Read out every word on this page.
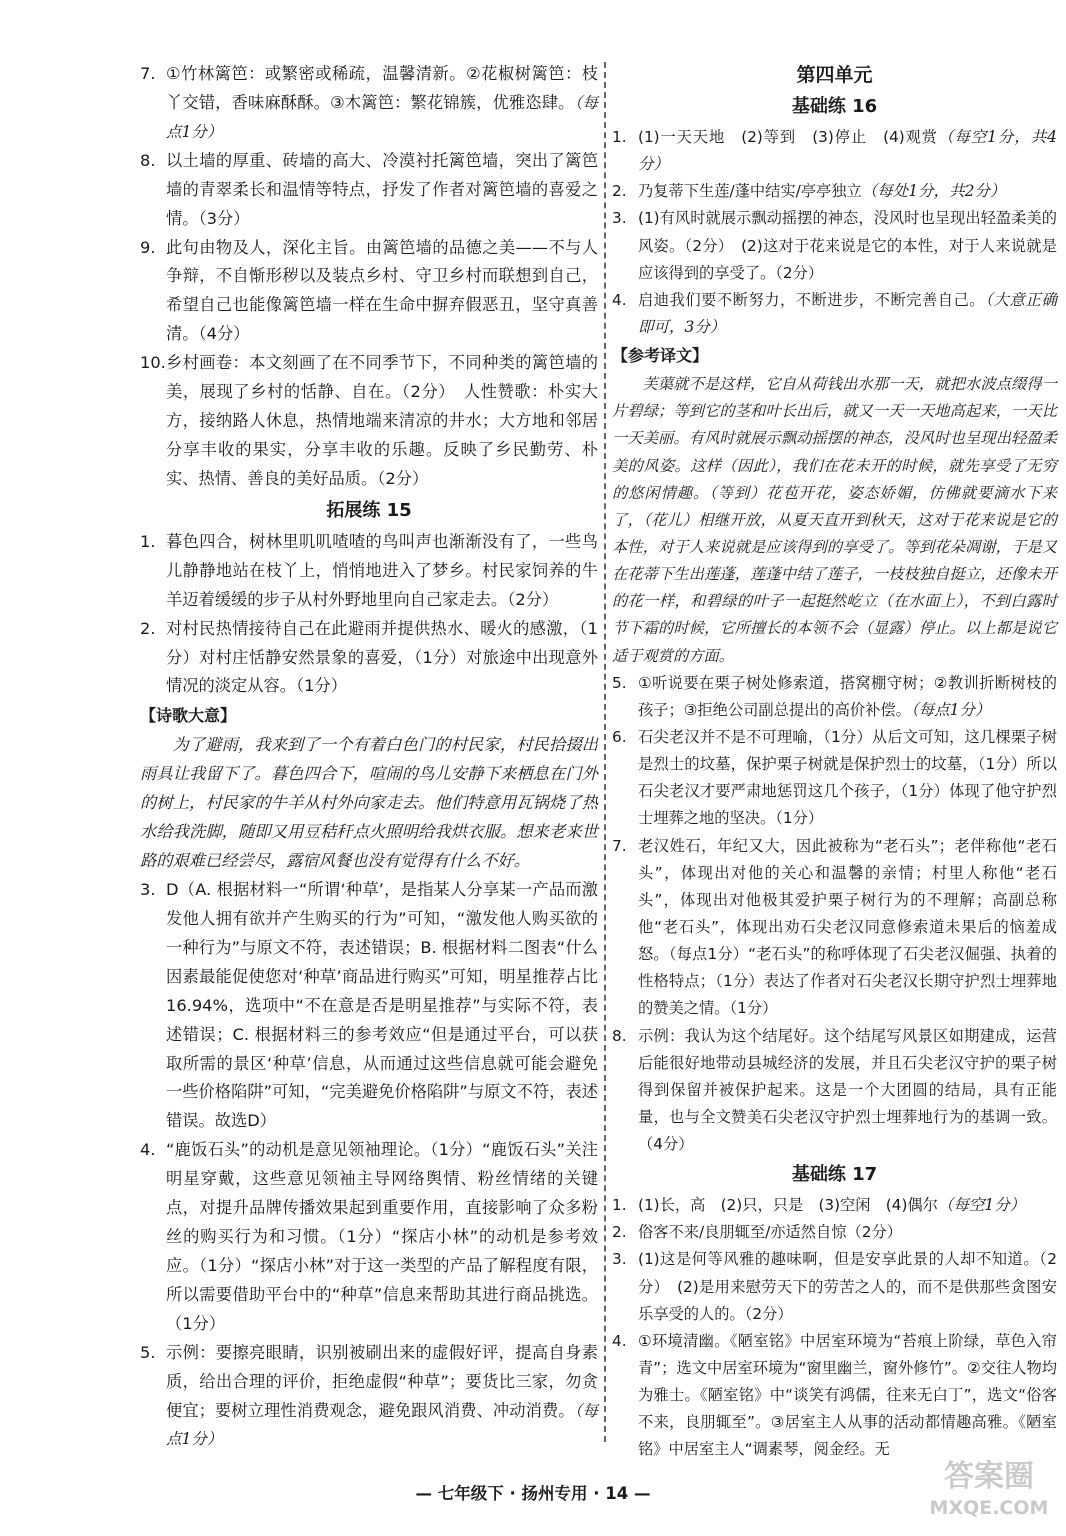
7. ①竹林篱笆：或繁密或稀疏，温馨清新。②花椒树篱笆：枝丫交错，香味麻酥酥。③木篱笆：繁花锦簇，优雅恣肆。（每点1分）
8. 以土墙的厚重、砖墙的高大、冷漠衬托篱笆墙，突出了篱笆墙的青翠柔长和温情等特点，抒发了作者对篱笆墙的喜爱之情。（3分）
9. 此句由物及人，深化主旨。由篱笆墙的品德之美——不与人争辩，不自惭形秽以及装点乡村、守卫乡村而联想到自己，希望自己也能像篱笆墙一样在生命中摒弃假恶丑，坚守真善清。（4分）
10. 乡村画卷：本文刻画了在不同季节下，不同种类的篱笆墙的美，展现了乡村的恬静、自在。（2分）　人性赞歌：朴实大方，接纳路人休息，热情地端来清凉的井水；大方地和邻居分享丰收的果实，分享丰收的乐趣。反映了乡民勤劳、朴实、热情、善良的美好品质。（2分）
拓展练 15
1. 暮色四合，树林里叽叽喳喳的鸟叫声也渐渐没有了，一些鸟儿静静地站在枝丫上，悄悄地进入了梦乡。村民家饲养的牛羊迈着缓缓的步子从村外野地里向自己家走去。（2分）
2. 对村民热情接待自己在此避雨并提供热水、暖火的感激，（1分）对村庄恬静安然景象的喜爱，（1分）对旅途中出现意外情况的淡定从容。（1分）
【诗歌大意】
为了避雨，我来到了一个有着白色门的村民家，村民拾掇出雨具让我留下了。暮色四合下，喧闹的鸟儿安静下来栖息在门外的树上，村民家的牛羊从村外向家走去。他们特意用瓦锅烧了热水给我洗脚，随即又用豆秸秆点火照明给我烘衣服。想来老来世路的艰难已经尝尽，露宿风餐也没有觉得有什么不好。
3. D（A. 根据材料一“所谓‘种草’，是指某人分享某一产品而激发他人拥有欲并产生购买的行为”可知，“激发他人购买欲的一种行为”与原文不符，表述错误；B. 根据材料二图表“什么因素最能促使您对‘种草’商品进行购买”可知，明星推荐占比16.94%，选项中“不在意是否是明星推荐”与实际不符，表述错误；C. 根据材料三的参考效应“但是通过平台，可以获取所需的景区‘种草’信息，从而通过这些信息就可能会避免一些价格陷阱”可知，“完美避免价格陷阱”与原文不符，表述错误。故选D）
4. “鹿饭石头”的动机是意见领袖理论。（1分）“鹿饭石头”关注明星穿戴，这些意见领袖主导网络舆情、粉丝情绪的关键点，对提升品牌传播效果起到重要作用，直接影响了众多粉丝的购买行为和习惯。（1分）“探店小林”的动机是参考效应。（1分）“探店小林”对于这一类型的产品了解程度有限，所以需要借助平台中的“种草”信息来帮助其进行商品挑选。（1分）
5. 示例：要擦亮眼睛，识别被刷出来的虚假好评，提高自身素质，给出合理的评价，拒绝虚假“种草”；要货比三家，勿贪便宜；要树立理性消费观念，避免跟风消费、冲动消费。（每点1分）
第四单元
基础练 16
1. (1)一天天地　(2)等到　(3)停止　(4)观赏（每空1分，共4分）
2. 乃复蒂下生莲/蓬中结实/亭亭独立（每处1分，共2分）
3. (1)有风时就展示飘动摇摆的神态，没风时也呈现出轻盈柔美的风姿。（2分）　(2)这对于花来说是它的本性，对于人来说就是应该得到的享受了。（2分）
4. 启迪我们要不断努力，不断进步，不断完善自己。（大意正确即可，3分）
【参考译文】
芙蕖就不是这样，它自从荷钱出水那一天，就把水波点缀得一片碧绿；等到它的茎和叶长出后，就又一天一天地高起来，一天比一天美丽。有风时就展示飘动摇摆的神态，没风时也呈现出轻盈柔美的风姿。这样（因此），我们在花未开的时候，就先享受了无穷的悠闲情趣。（等到）花苞开花，姿态娇媚，仿佛就要滴水下来了，（花儿）相继开放，从夏天直开到秋天，这对于花来说是它的本性，对于人来说就是应该得到的享受了。等到花朵凋谢，于是又在花蒂下生出莲蓬，莲蓬中结了莲子，一枝枝独自挺立，还像未开的花一样，和碧绿的叶子一起挺然屹立（在水面上），不到白露时节下霜的时候，它所擅长的本领不会（显露）停止。以上都是说它适于观赏的方面。
5. ①听说要在栗子树处修索道，搭窝棚守树；②教训折断树枝的孩子；③拒绝公司副总提出的高价补偿。（每点1分）
6. 石尖老汉并不是不可理喻，（1分）从后文可知，这几棵栗子树是烈士的坟墓，保护栗子树就是保护烈士的坟墓，（1分）所以石尖老汉才要严肃地惩罚这几个孩子，（1分）体现了他守护烈士埋葬之地的坚决。（1分）
7. 老汉姓石，年纪又大，因此被称为“老石头”；老伴称他“老石头”，体现出对他的关心和温馨的亲情；村里人称他“老石头”，体现出对他极其爱护栗子树行为的不理解；高副总称他“老石头”，体现出劝石尖老汉同意修索道未果后的恼羞成怒。（每点1分）“老石头”的称呼体现了石尖老汉倔强、执着的性格特点；（1分）表达了作者对石尖老汉长期守护烈士埋葬地的赞美之情。（1分）
8. 示例：我认为这个结尾好。这个结尾写风景区如期建成，运营后能很好地带动县城经济的发展，并且石尖老汉守护的栗子树得到保留并被保护起来。这是一个大团圆的结局，具有正能量，也与全文赞美石尖老汉守护烈士埋葬地行为的基调一致。（4分）
基础练 17
1. (1)长，高　(2)只，只是　(3)空闲　(4)偶尔（每空1分）
2. 俗客不来/良朋辄至/亦适然自惊（2分）
3. (1)这是何等风雅的趣味啊，但是安享此景的人却不知道。（2分）　(2)是用来慰劳天下的劳苦之人的，而不是供那些贪图安乐享受的人的。（2分）
4. ①环境清幽。《陋室铭》中居室环境为“苔痕上阶绿，草色入帘青”；选文中居室环境为“窗里幽兰，窗外修竹”。②交往人物均为雅士。《陋室铭》中“谈笑有鸿儒，往来无白丁”，选文“俗客不来，良朋辄至”。③居室主人从事的活动都情趣高雅。《陋室铭》中居室主人“调素琴，阅金经。无
— 七年级下 · 扬州专用 · 14 —	答案圈
MXQE.COM
